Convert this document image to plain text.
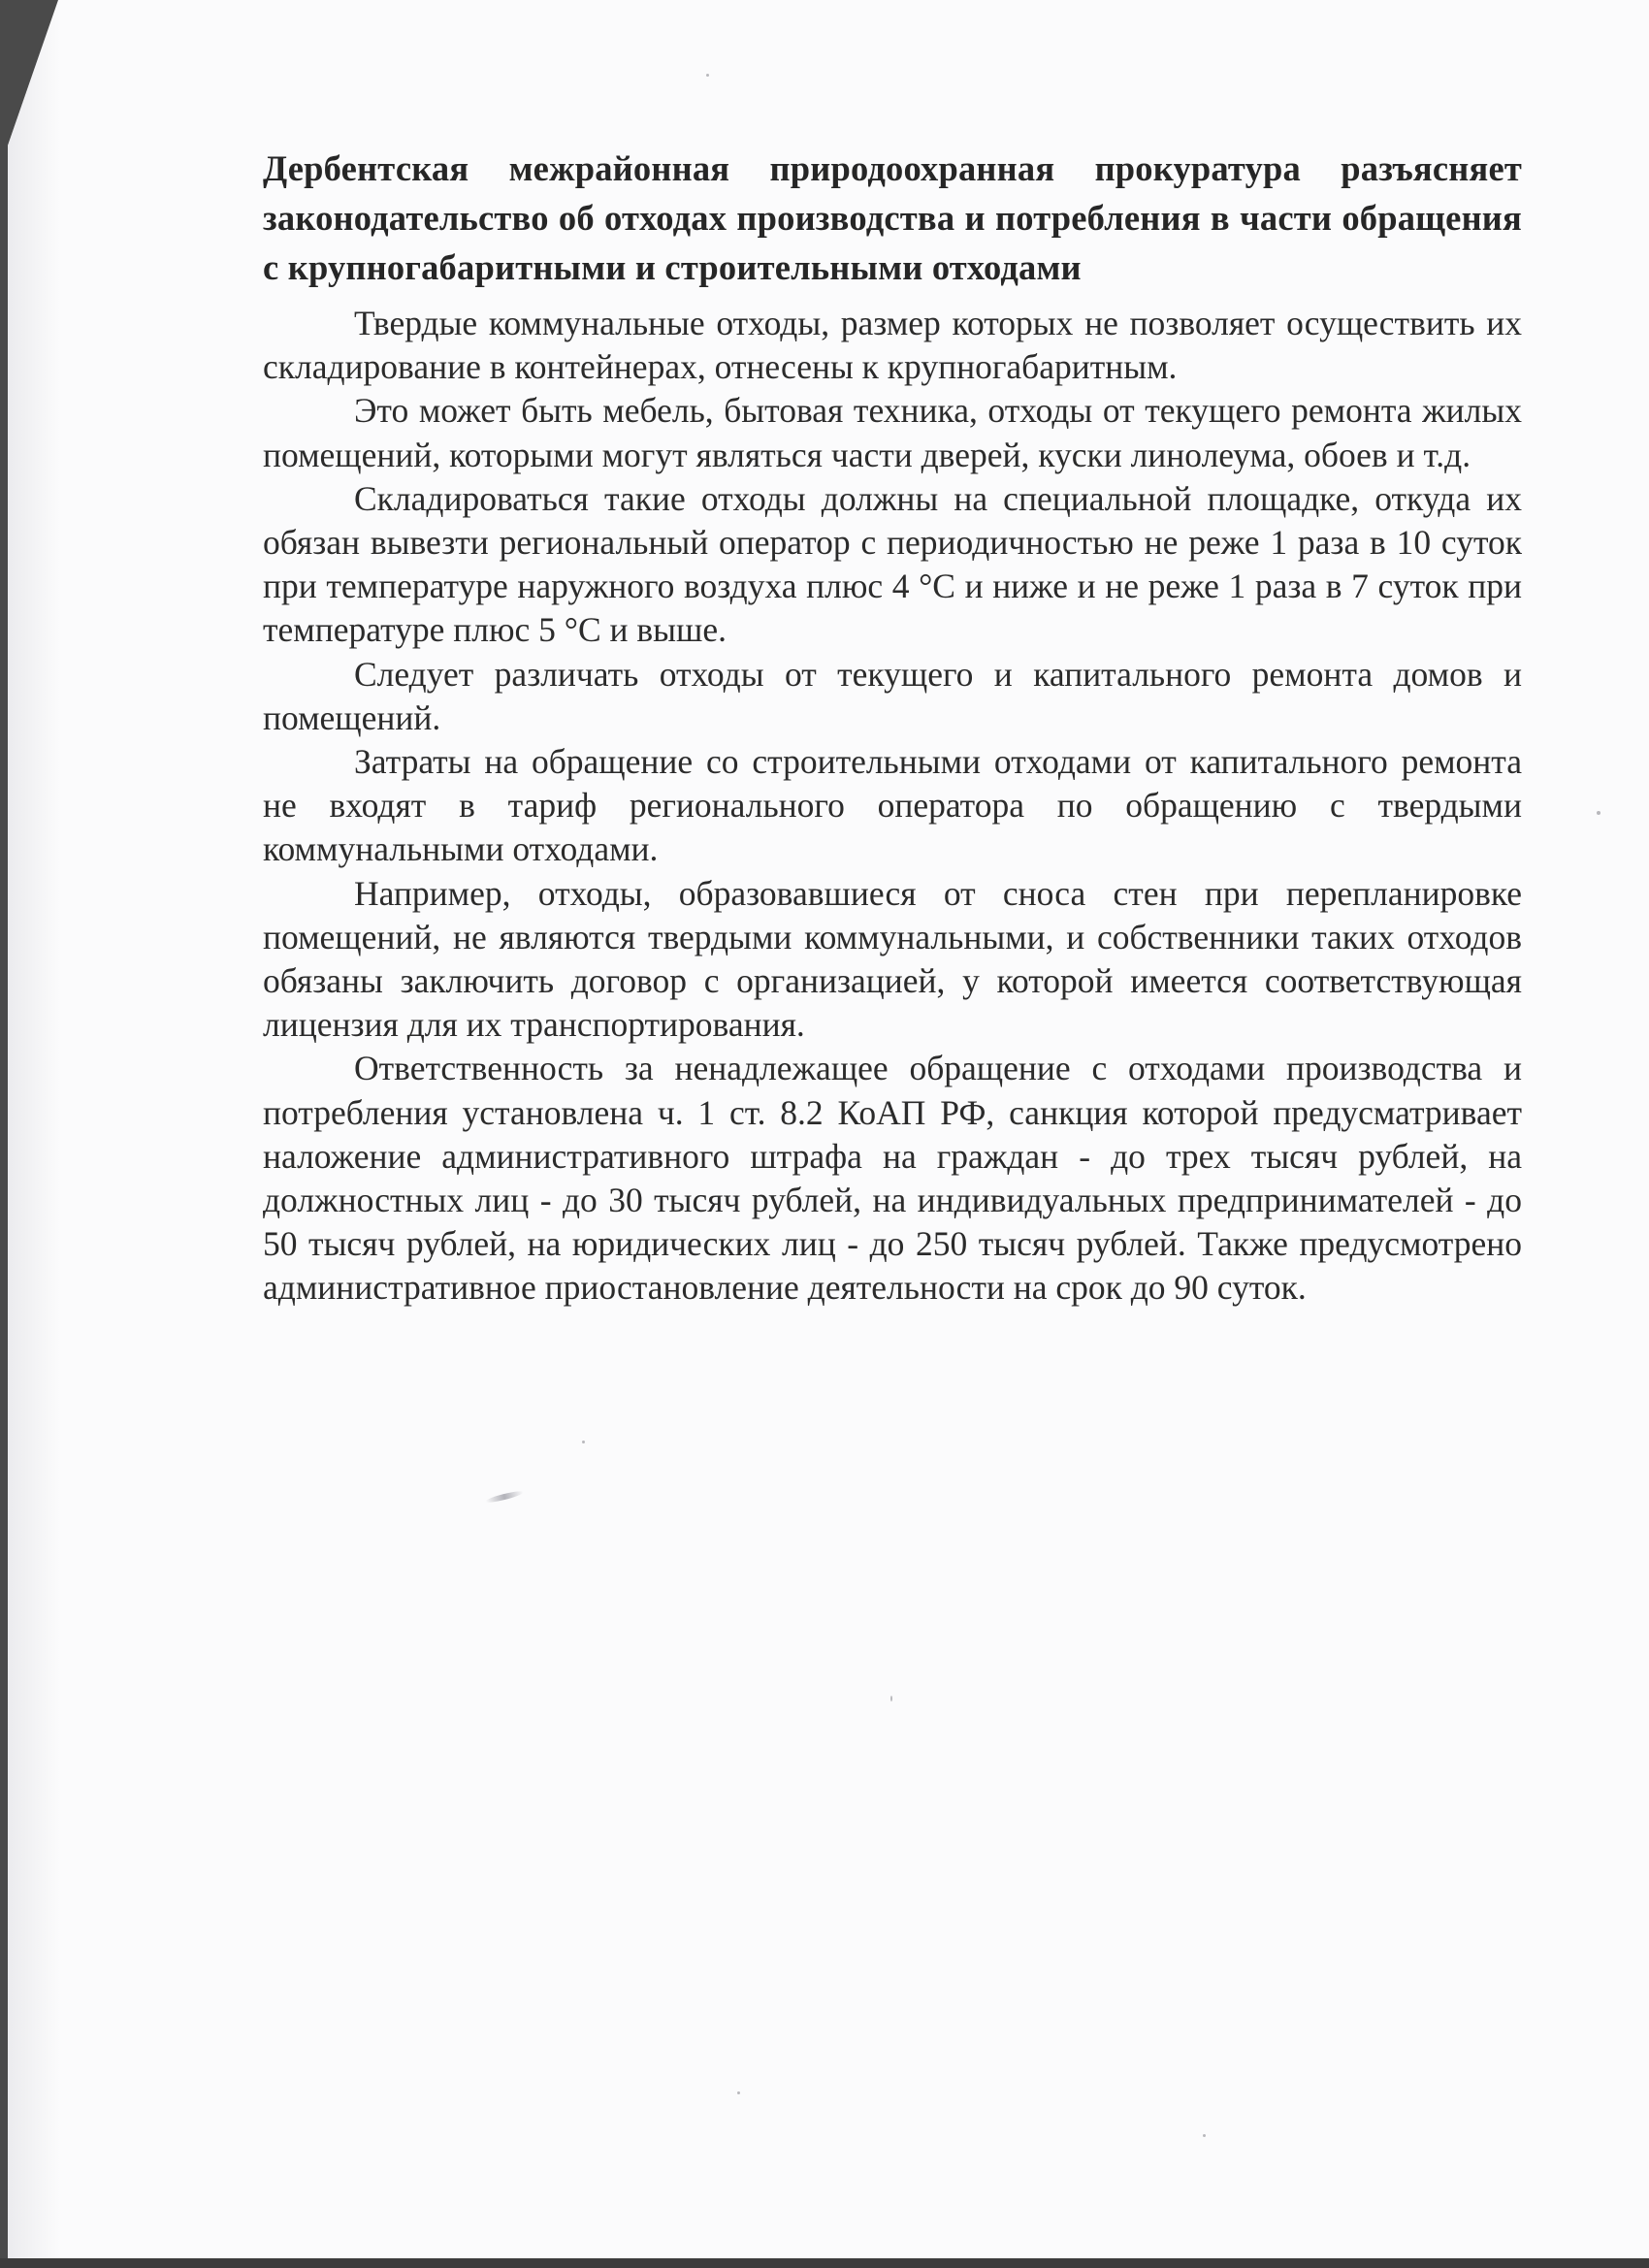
Дербентская межрайонная природоохранная прокуратура разъясняет законодательство об отходах производства и потребления в части обращения с крупногабаритными и строительными отходами

Твердые коммунальные отходы, размер которых не позволяет осуществить их складирование в контейнерах, отнесены к крупногабаритным.

Это может быть мебель, бытовая техника, отходы от текущего ремонта жилых помещений, которыми могут являться части дверей, куски линолеума, обоев и т.д.

Складироваться такие отходы должны на специальной площадке, откуда их обязан вывезти региональный оператор с периодичностью не реже 1 раза в 10 суток при температуре наружного воздуха плюс 4 °С и ниже и не реже 1 раза в 7 суток при температуре плюс 5 °С и выше.

Следует различать отходы от текущего и капитального ремонта домов и помещений.

Затраты на обращение со строительными отходами от капитального ремонта не входят в тариф регионального оператора по обращению с твердыми коммунальными отходами.

Например, отходы, образовавшиеся от сноса стен при перепланировке помещений, не являются твердыми коммунальными, и собственники таких отходов обязаны заключить договор с организацией, у которой имеется соответствующая лицензия для их транспортирования.

Ответственность за ненадлежащее обращение с отходами производства и потребления установлена ч. 1 ст. 8.2 КоАП РФ, санкция которой предусматривает наложение административного штрафа на граждан - до трех тысяч рублей, на должностных лиц - до 30 тысяч рублей, на индивидуальных предпринимателей - до 50 тысяч рублей, на юридических лиц - до 250 тысяч рублей. Также предусмотрено административное приостановление деятельности на срок до 90 суток.
